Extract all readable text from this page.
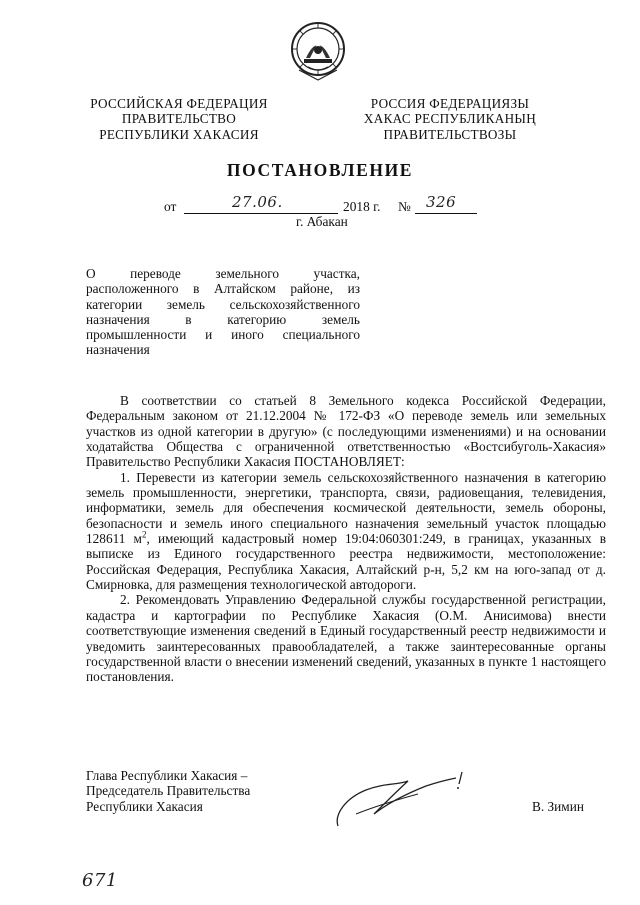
РОССИЙСКАЯ ФЕДЕРАЦИЯ
ПРАВИТЕЛЬСТВО
РЕСПУБЛИКИ ХАКАСИЯ
РОССИЯ ФЕДЕРАЦИЯЗЫ
ХАКАС РЕСПУБЛИКАНЫҢ
ПРАВИТЕЛЬСТВОЗЫ
ПОСТАНОВЛЕНИЕ
от	27.06.	2018 г. № 326
г. Абакан
О переводе земельного участка,
расположенного в Алтайском районе, из
категории земель сельскохозяйственного
назначения в категорию земель
промышленности и иного специального
назначения

В соответствии со статьей 8 Земельного кодекса Российской Федерации, Федеральным законом от 21.12.2004 № 172-ФЗ «О переводе земель или земельных участков из одной категории в другую» (с последующими изменениями) и на основании ходатайства Общества с ограниченной ответственностью «Востсибуголь-Хакасия» Правительство Республики Хакасия ПОСТАНОВЛЯЕТ:

1. Перевести из категории земель сельскохозяйственного назначения в категорию земель промышленности, энергетики, транспорта, связи, радиовещания, телевидения, информатики, земель для обеспечения космической деятельности, земель обороны, безопасности и земель иного специального назначения земельный участок площадью 128611 $м^2$, имеющий кадастровый номер 19:04:060301:249, в границах, указанных в выписке из Единого государственного реестра недвижимости, местоположение: Российская Федерация, Республика Хакасия, Алтайский р-н, 5,2 км на юго-запад от д. Смирновка, для размещения технологической автодороги.

2. Рекомендовать Управлению Федеральной службы государственной регистрации, кадастра и картографии по Республике Хакасия (О.М. Анисимова) внести соответствующие изменения сведений в Единый государственный реестр недвижимости и уведомить заинтересованных правообладателей, а также заинтересованные органы государственной власти о внесении изменений сведений, указанных в пункте 1 настоящего постановления.

Глава Республики Хакасия –
Председатель Правительства
Республики Хакасия	В. Зимин
671
